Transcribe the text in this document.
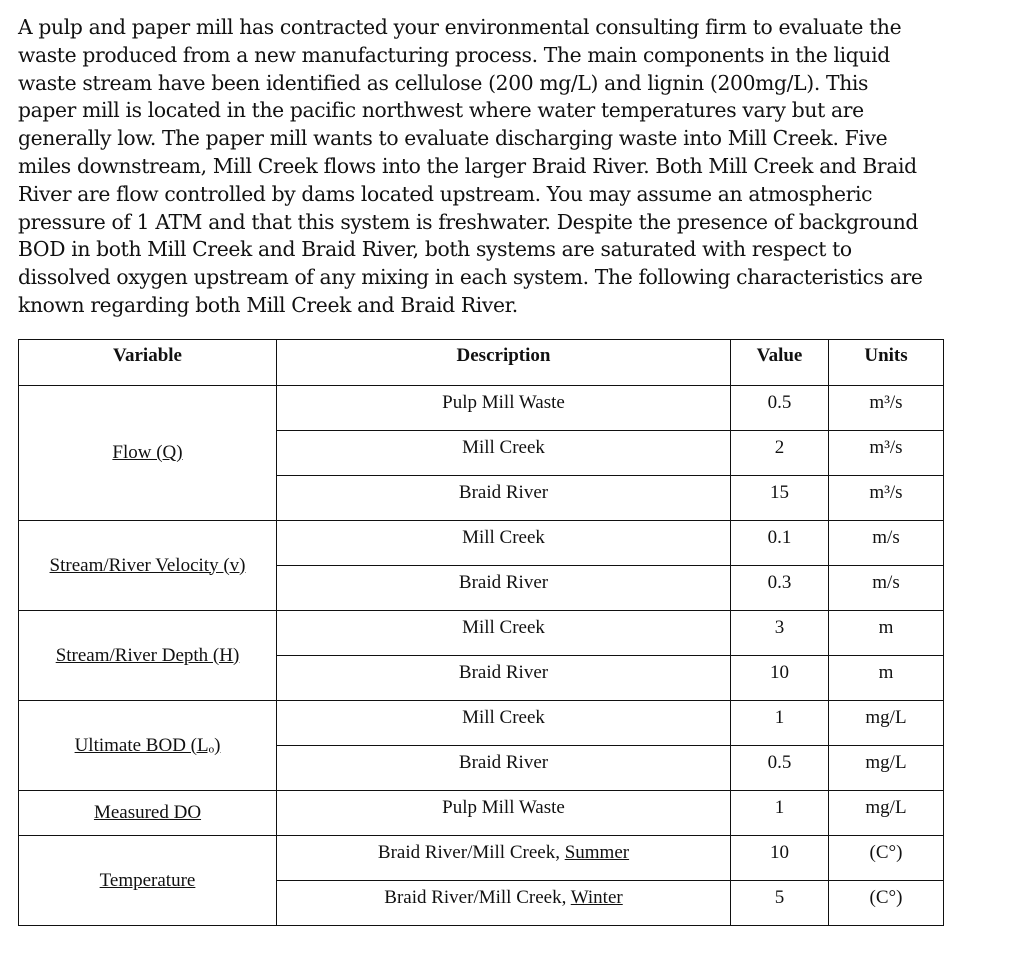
A pulp and paper mill has contracted your environmental consulting firm to evaluate the
waste produced from a new manufacturing process. The main components in the liquid
waste stream have been identified as cellulose (200 mg/L) and lignin (200mg/L). This
paper mill is located in the pacific northwest where water temperatures vary but are
generally low. The paper mill wants to evaluate discharging waste into Mill Creek. Five
miles downstream, Mill Creek flows into the larger Braid River. Both Mill Creek and Braid
River are flow controlled by dams located upstream. You may assume an atmospheric
pressure of 1 ATM and that this system is freshwater. Despite the presence of background
BOD in both Mill Creek and Braid River, both systems are saturated with respect to
dissolved oxygen upstream of any mixing in each system. The following characteristics are
known regarding both Mill Creek and Braid River.

Variable	Description	Value	Units
Flow (Q)	Pulp Mill Waste	0.5	m³/s
	Mill Creek	2	m³/s
	Braid River	15	m³/s
Stream/River Velocity (v)	Mill Creek	0.1	m/s
	Braid River	0.3	m/s
Stream/River Depth (H)	Mill Creek	3	m
	Braid River	10	m
Ultimate BOD (Lₒ)	Mill Creek	1	mg/L
	Braid River	0.5	mg/L
Measured DO	Pulp Mill Waste	1	mg/L
Temperature	Braid River/Mill Creek, Summer	10	(C°)
	Braid River/Mill Creek, Winter	5	(C°)
